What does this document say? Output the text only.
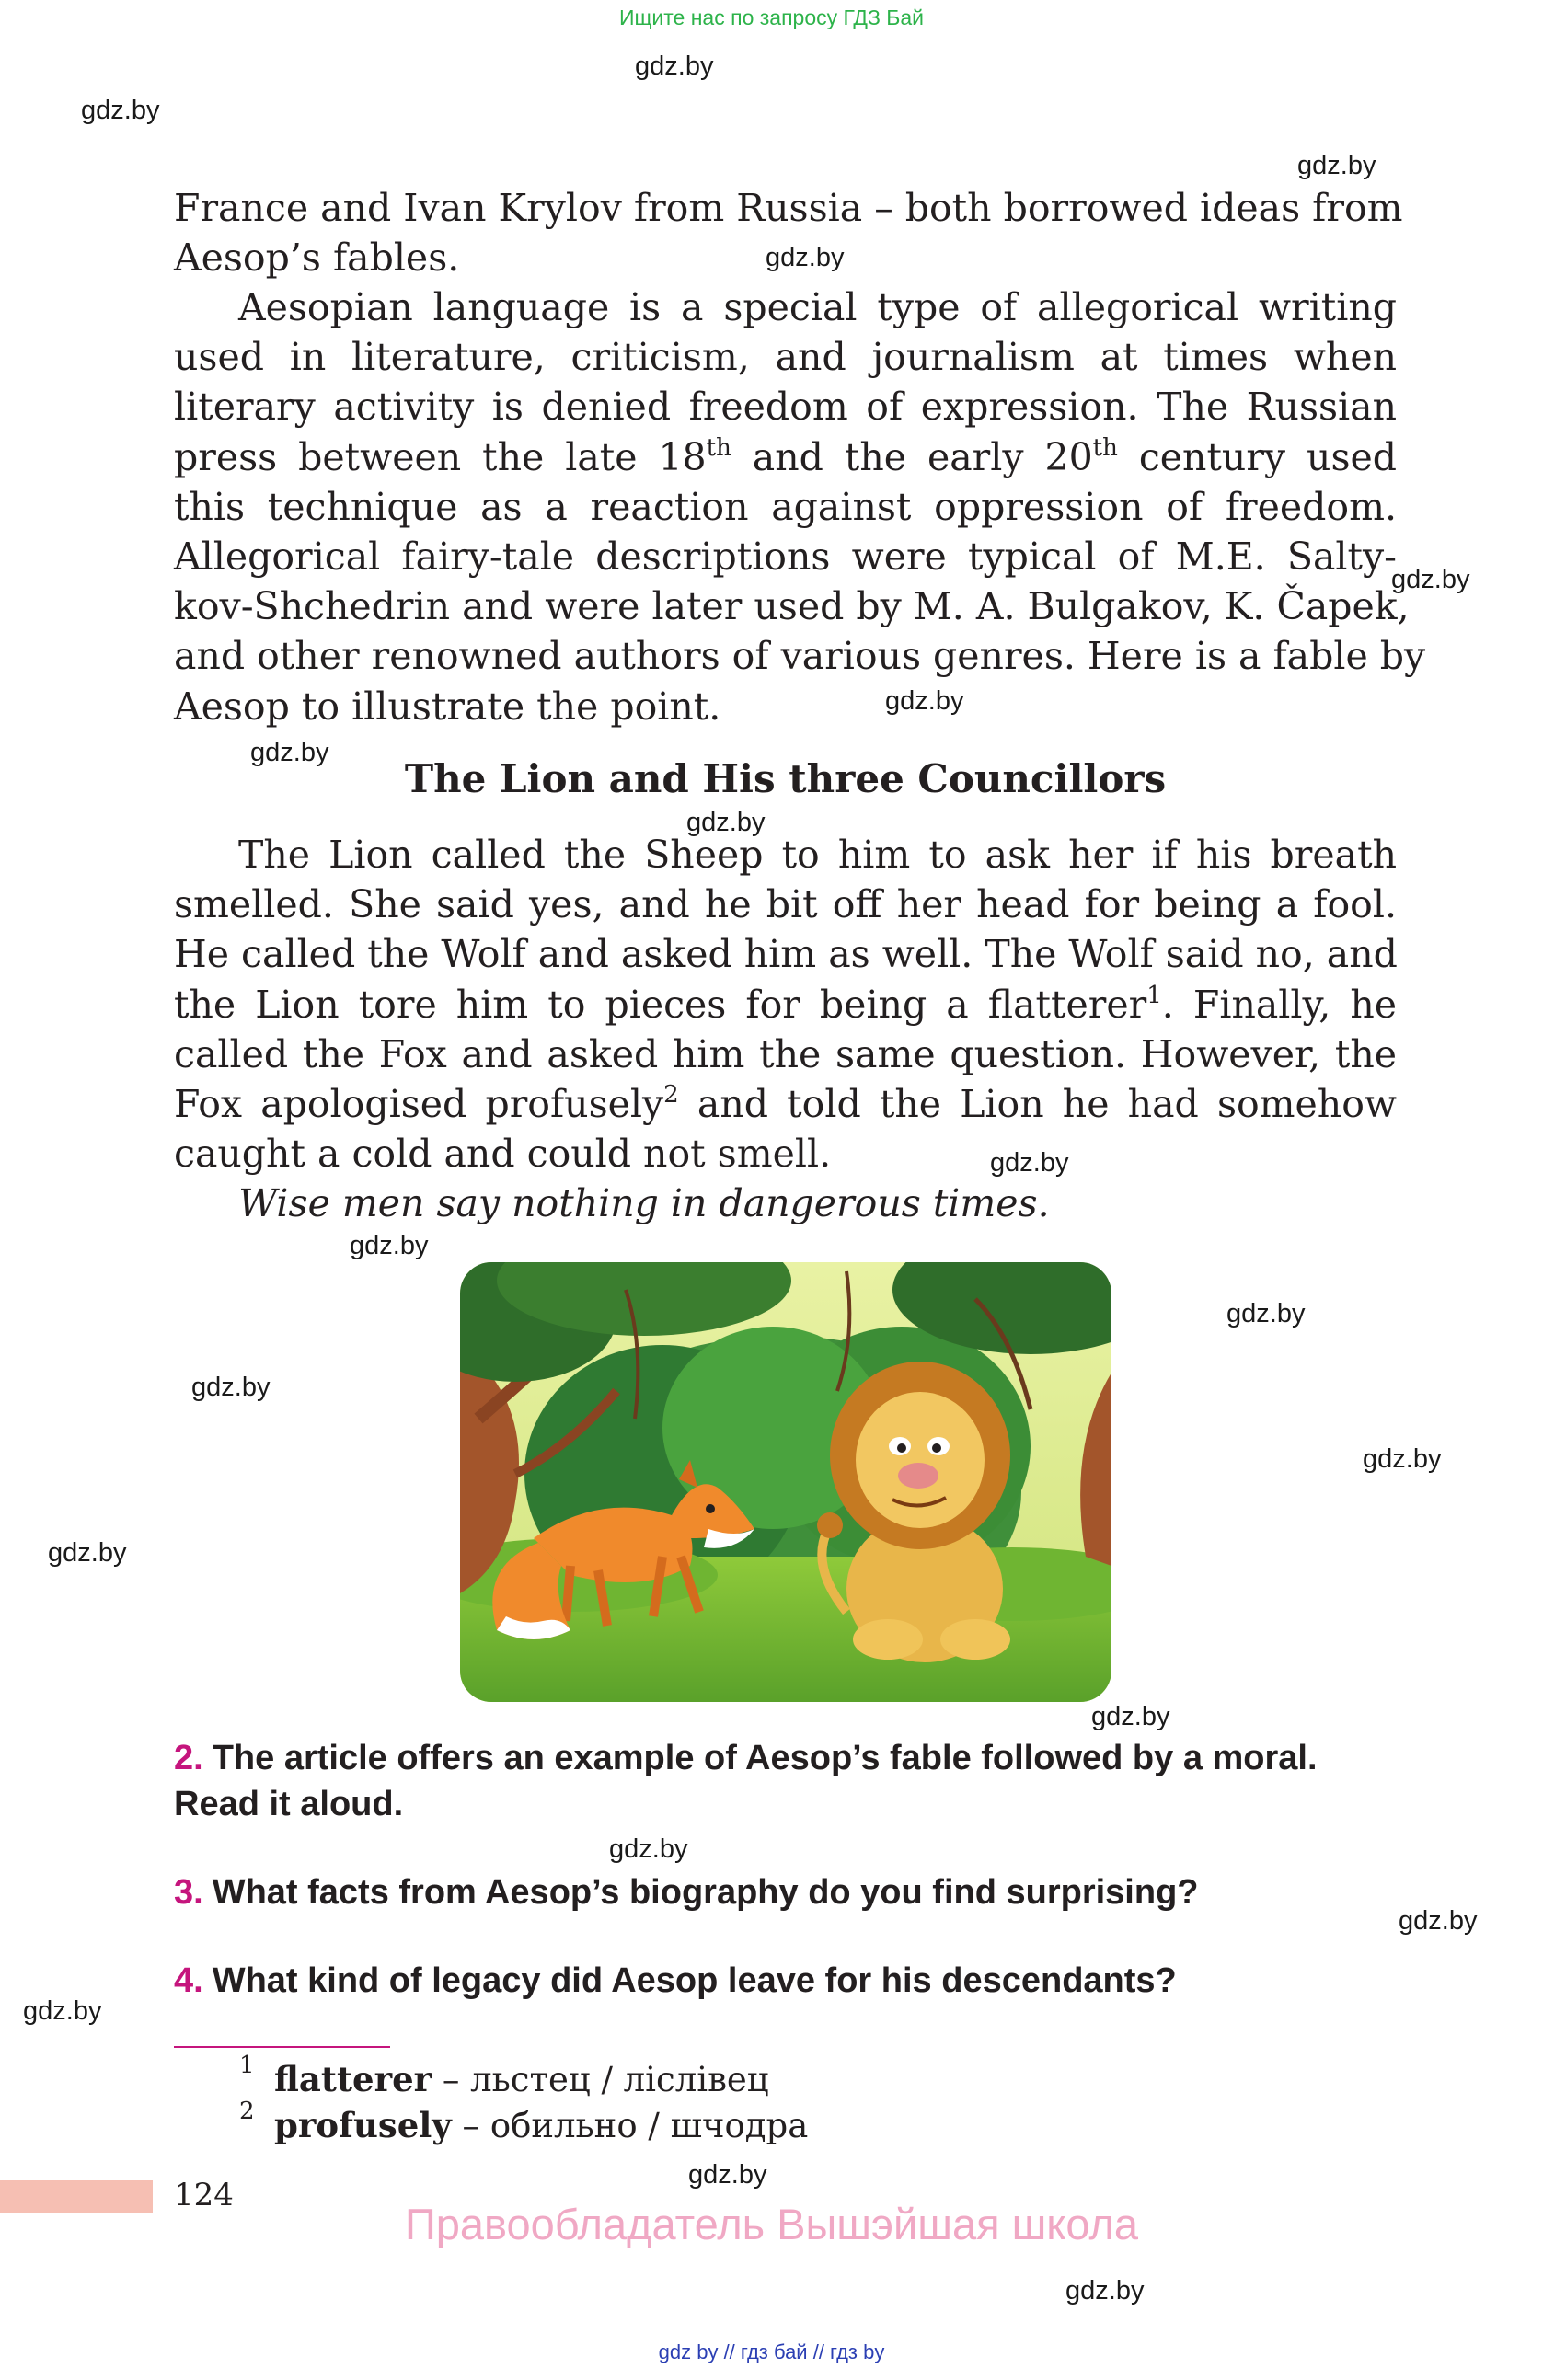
Ищите нас по запросу ГДЗ Бай
gdz.by
gdz.by
gdz.by
gdz.by
gdz.by
gdz.by
gdz.by
gdz.by
gdz.by
gdz.by
gdz.by
gdz.by
gdz.by
gdz.by
gdz.by
gdz.by
gdz.by
gdz.by
gdz.by
gdz.by
France and Ivan Krylov from Russia – both borrowed ideas from
Aesop’s fables.
Aesopian language is a special type of allegorical writing
used in literature, criticism, and journalism at times when
literary activity is denied freedom of expression. The Russian
press between the late 18th and the early 20th century used
this technique as a reaction against oppression of freedom.
Allegorical fairy-tale descriptions were typical of M.E. Salty-
kov-Shchedrin and were later used by M. A. Bulgakov, K. Čapek,
and other renowned authors of various genres. Here is a fable by
Aesop to illustrate the point.
The Lion and His three Councillors
The Lion called the Sheep to him to ask her if his breath
smelled. She said yes, and he bit off her head for being a fool.
He called the Wolf and asked him as well. The Wolf said no, and
the Lion tore him to pieces for being a flatterer$^1$. Finally, he
called the Fox and asked him the same question. However, the
Fox apologised profusely$^2$ and told the Lion he had somehow
caught a cold and could not smell.
Wise men say nothing in dangerous times.
2. The article offers an example of Aesop’s fable followed by a moral.
Read it aloud.
3. What facts from Aesop’s biography do you find surprising?
4. What kind of legacy did Aesop leave for his descendants?
1 flatterer – льстец / лiслiвец
2 profusely – обильно / шчодра
124
Правообладатель Вышэйшая школа
gdz by // гдз бай // гдз by
